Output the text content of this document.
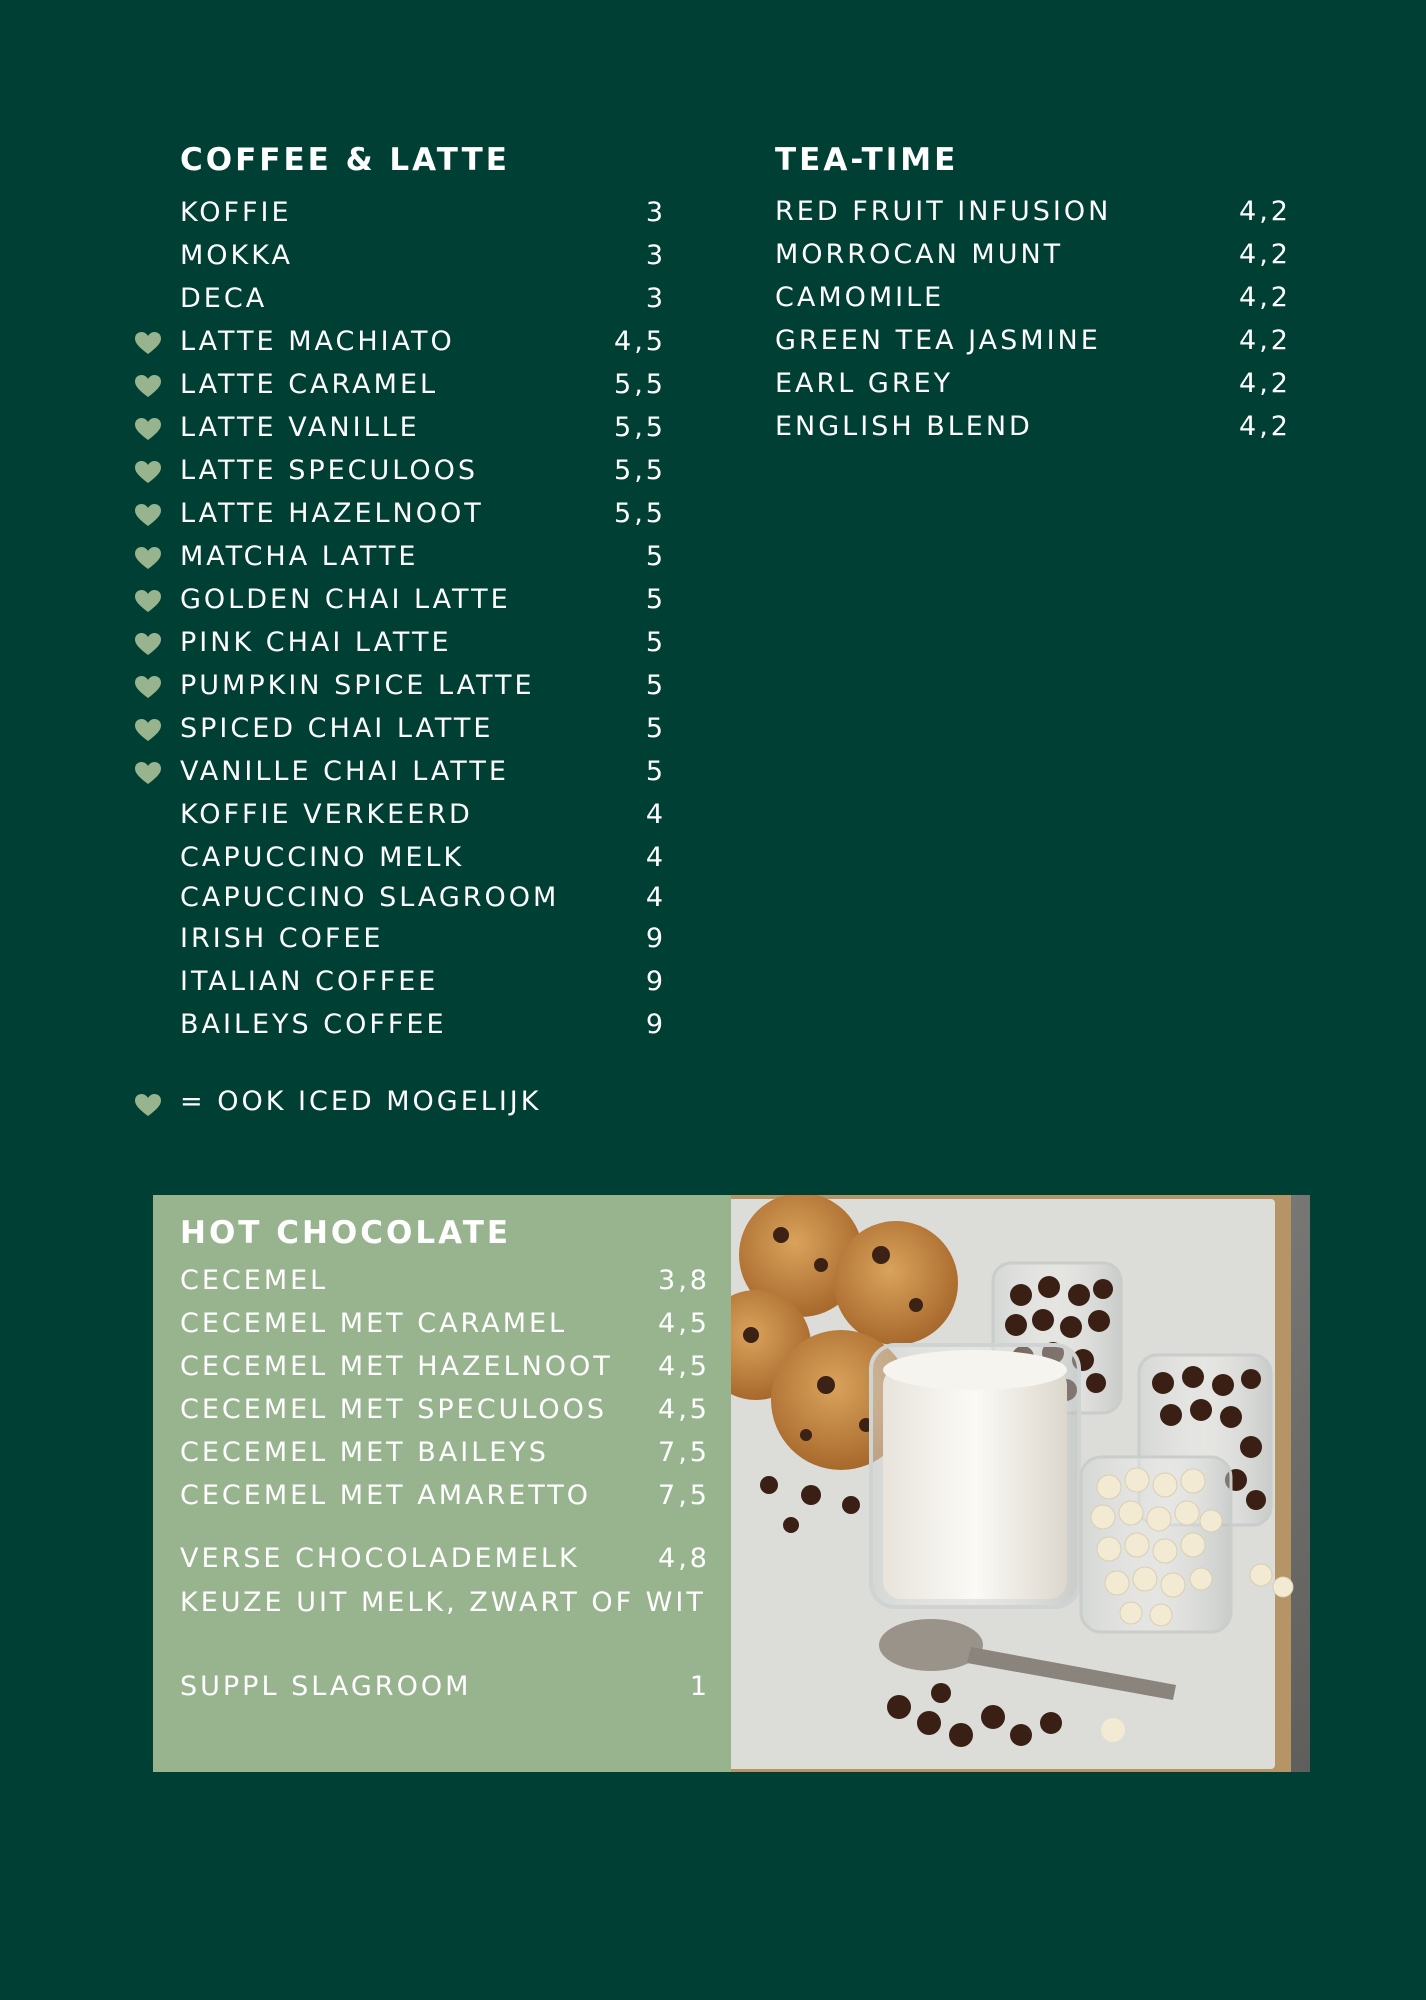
COFFEE & LATTE
KOFFIE	3
MOKKA	3
DECA	3
LATTE MACHIATO	4,5
LATTE CARAMEL	5,5
LATTE VANILLE	5,5
LATTE SPECULOOS	5,5
LATTE HAZELNOOT	5,5
MATCHA LATTE	5
GOLDEN CHAI LATTE	5
PINK CHAI LATTE	5
PUMPKIN SPICE LATTE	5
SPICED CHAI LATTE	5
VANILLE CHAI LATTE	5
KOFFIE VERKEERD	4
CAPUCCINO MELK	4
CAPUCCINO SLAGROOM	4
IRISH COFEE	9
ITALIAN COFFEE	9
BAILEYS COFFEE	9
TEA-TIME
RED FRUIT INFUSION	4,2
MORROCAN MUNT	4,2
CAMOMILE	4,2
GREEN TEA JASMINE	4,2
EARL GREY	4,2
ENGLISH BLEND	4,2
= OOK ICED MOGELIJK
HOT CHOCOLATE
CECEMEL	3,8
CECEMEL MET CARAMEL	4,5
CECEMEL MET HAZELNOOT 4,5
CECEMEL MET SPECULOOS 4,5
CECEMEL MET BAILEYS	7,5
CECEMEL MET AMARETTO 7,5
VERSE CHOCOLADEMELK	4,8
KEUZE UIT MELK, ZWART OF WIT
SUPPL SLAGROOM	1
